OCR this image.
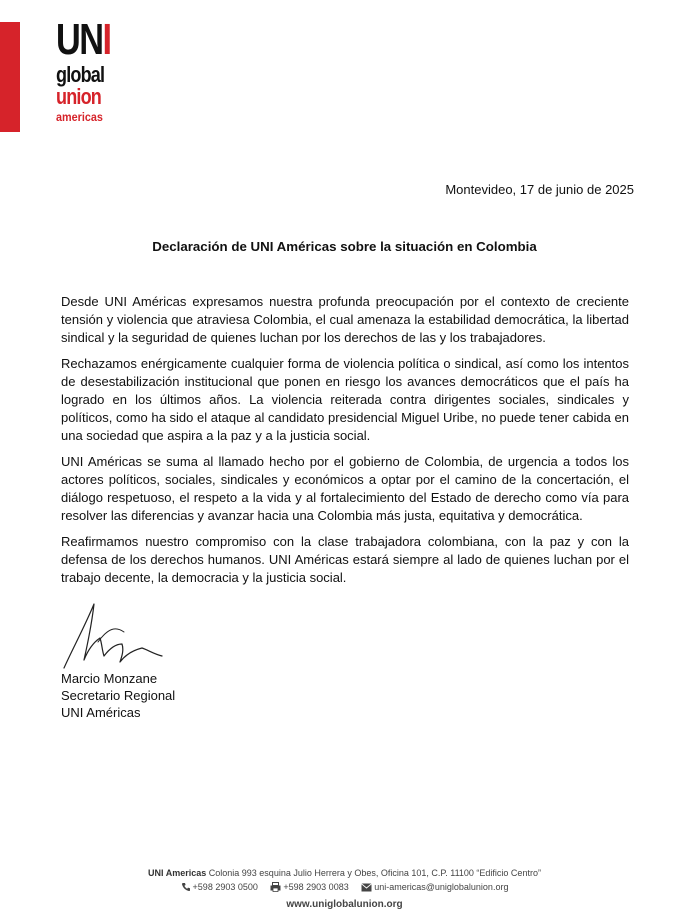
UNI
global
union
americas
Montevideo, 17 de junio de 2025
Declaración de UNI Américas sobre la situación en Colombia

Desde UNI Américas expresamos nuestra profunda preocupación por el contexto de creciente tensión y violencia que atraviesa Colombia, el cual amenaza la estabilidad democrática, la libertad sindical y la seguridad de quienes luchan por los derechos de las y los trabajadores.

Rechazamos enérgicamente cualquier forma de violencia política o sindical, así como los intentos de desestabilización institucional que ponen en riesgo los avances democráticos que el país ha logrado en los últimos años. La violencia reiterada contra dirigentes sociales, sindicales y políticos, como ha sido el ataque al candidato presidencial Miguel Uribe, no puede tener cabida en una sociedad que aspira a la paz y a la justicia social.

UNI Américas se suma al llamado hecho por el gobierno de Colombia, de urgencia a todos los actores políticos, sociales, sindicales y económicos a optar por el camino de la concertación, el diálogo respetuoso, el respeto a la vida y al fortalecimiento del Estado de derecho como vía para resolver las diferencias y avanzar hacia una Colombia más justa, equitativa y democrática.

Reafirmamos nuestro compromiso con la clase trabajadora colombiana, con la paz y con la defensa de los derechos humanos. UNI Américas estará siempre al lado de quienes luchan por el trabajo decente, la democracia y la justicia social.

Marcio Monzane
Secretario Regional
UNI Américas
UNI Americas Colonia 993 esquina Julio Herrera y Obes, Oficina 101, C.P. 11100 “Edificio Centro”
+598 2903 0500	+598 2903 0083	uni-americas@uniglobalunion.org
www.uniglobalunion.org
